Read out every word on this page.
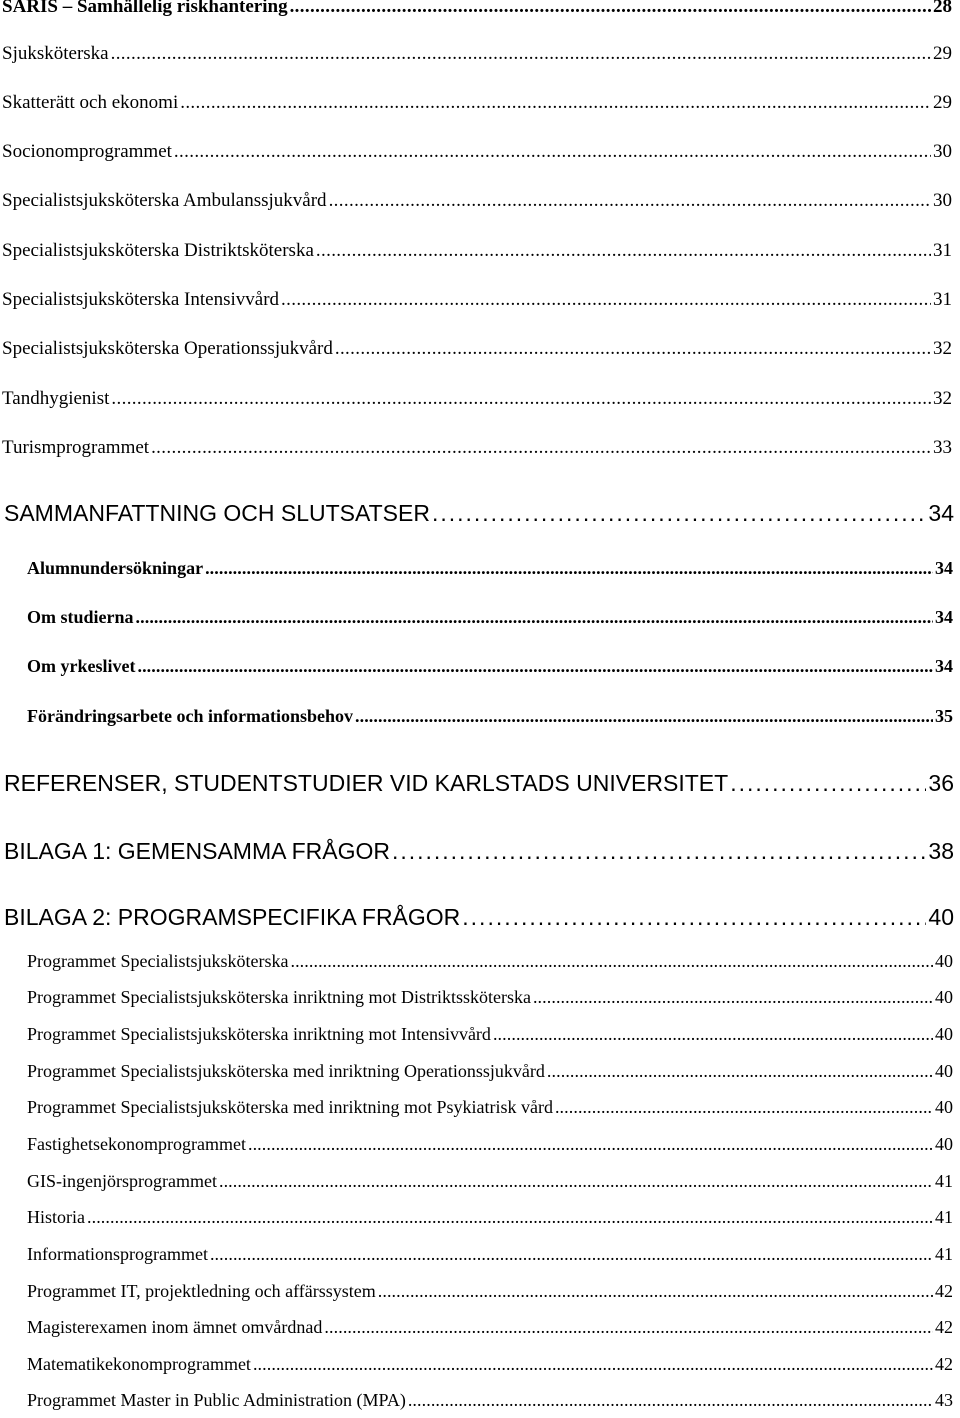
SARIS – Samhällelig riskhantering . . .	28
Sjuksköterska . . .	29
Skatterätt och ekonomi . . .	29
Socionomprogrammet . . .	30
Specialistsjuksköterska Ambulanssjukvård . . .	30
Specialistsjuksköterska Distriktsköterska . . .	31
Specialistsjuksköterska Intensivvård . . .	31
Specialistsjuksköterska Operationssjukvård . . .	32
Tandhygienist . . .	32
Turismprogrammet . . .	33
SAMMANFATTNING OCH SLUTSATSER . . .	34
Alumnundersökningar . . .	34
Om studierna . . .	34
Om yrkeslivet . . .	34
Förändringsarbete och informationsbehov . . .	35
REFERENSER, STUDENTSTUDIER VID KARLSTADS UNIVERSITET . . .	36
BILAGA 1: GEMENSAMMA FRÅGOR . . .	38
BILAGA 2: PROGRAMSPECIFIKA FRÅGOR . . .	40
Programmet Specialistsjuksköterska . . .	40
Programmet Specialistsjuksköterska inriktning mot Distriktssköterska . . .	40
Programmet Specialistsjuksköterska inriktning mot Intensivvård . . .	40
Programmet Specialistsjuksköterska med inriktning Operationssjukvård . . .	40
Programmet Specialistsjuksköterska med inriktning mot Psykiatrisk vård . . .	40
Fastighetsekonomprogrammet . . .	40
GIS-ingenjörsprogrammet . . .	41
Historia . . .	41
Informationsprogrammet . . .	41
Programmet IT, projektledning och affärssystem . . .	42
Magisterexamen inom ämnet omvårdnad . . .	42
Matematikekonomprogrammet . . .	42
Programmet Master in Public Administration (MPA) . . .	43
